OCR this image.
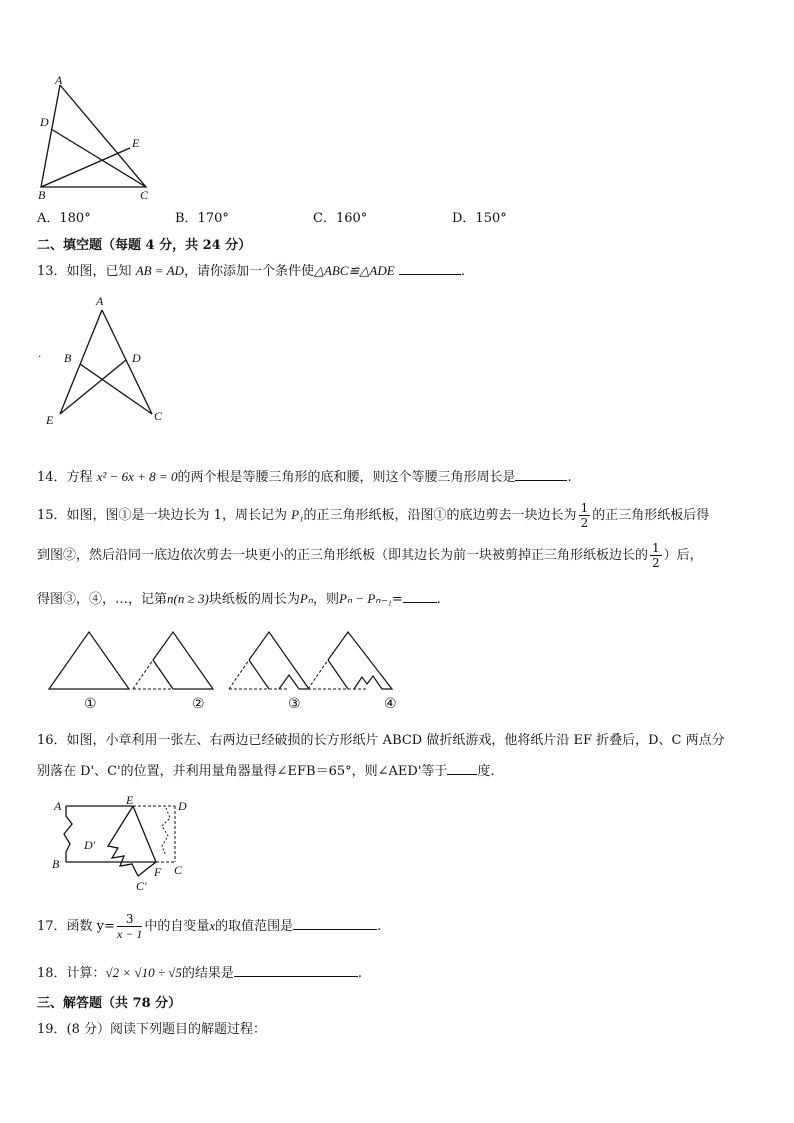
A
D
E
B	C
A．180°	B．170°	C．160°	D．150°
二、填空题（每题 4 分，共 24 分）
13．如图，已知 AB = AD，请你添加一个条件使△ABC≌△ADE	.
A
B	D
E	C
·
14．方程 x² − 6x + 8 = 0的两个根是等腰三角形的底和腰，则这个等腰三角形周长是	.
15．如图，图①是一块边长为 1，周长记为 P₁的正三角形纸板，沿图①的底边剪去一块边长为 $\frac{1}{2}$ 的正三角形纸板后得
到图②，然后沿同一底边依次剪去一块更小的正三角形纸板（即其边长为前一块被剪掉正三角形纸板边长的 $\frac{1}{2}$ ）后，
得图③，④，…，记第n(n ≥ 3)块纸板的周长为Pₙ，则Pₙ − Pₙ₋₁=	.
①	②	③	④
16．如图，小章利用一张左、右两边已经破损的长方形纸片 ABCD 做折纸游戏，他将纸片沿 EF 折叠后，D、C 两点分
别落在 D'、C'的位置，并利用量角器量得∠EFB＝65°，则∠AED'等于 度.
A	E	D
D'
B
F C
C'
17．函数 $y= \frac{3}{x - 1}$ 中的自变量x的取值范围是	.
18．计算：√2 × √10 ÷ √5的结果是	.
三、解答题（共 78 分）
19．(8 分）阅读下列题目的解题过程：
